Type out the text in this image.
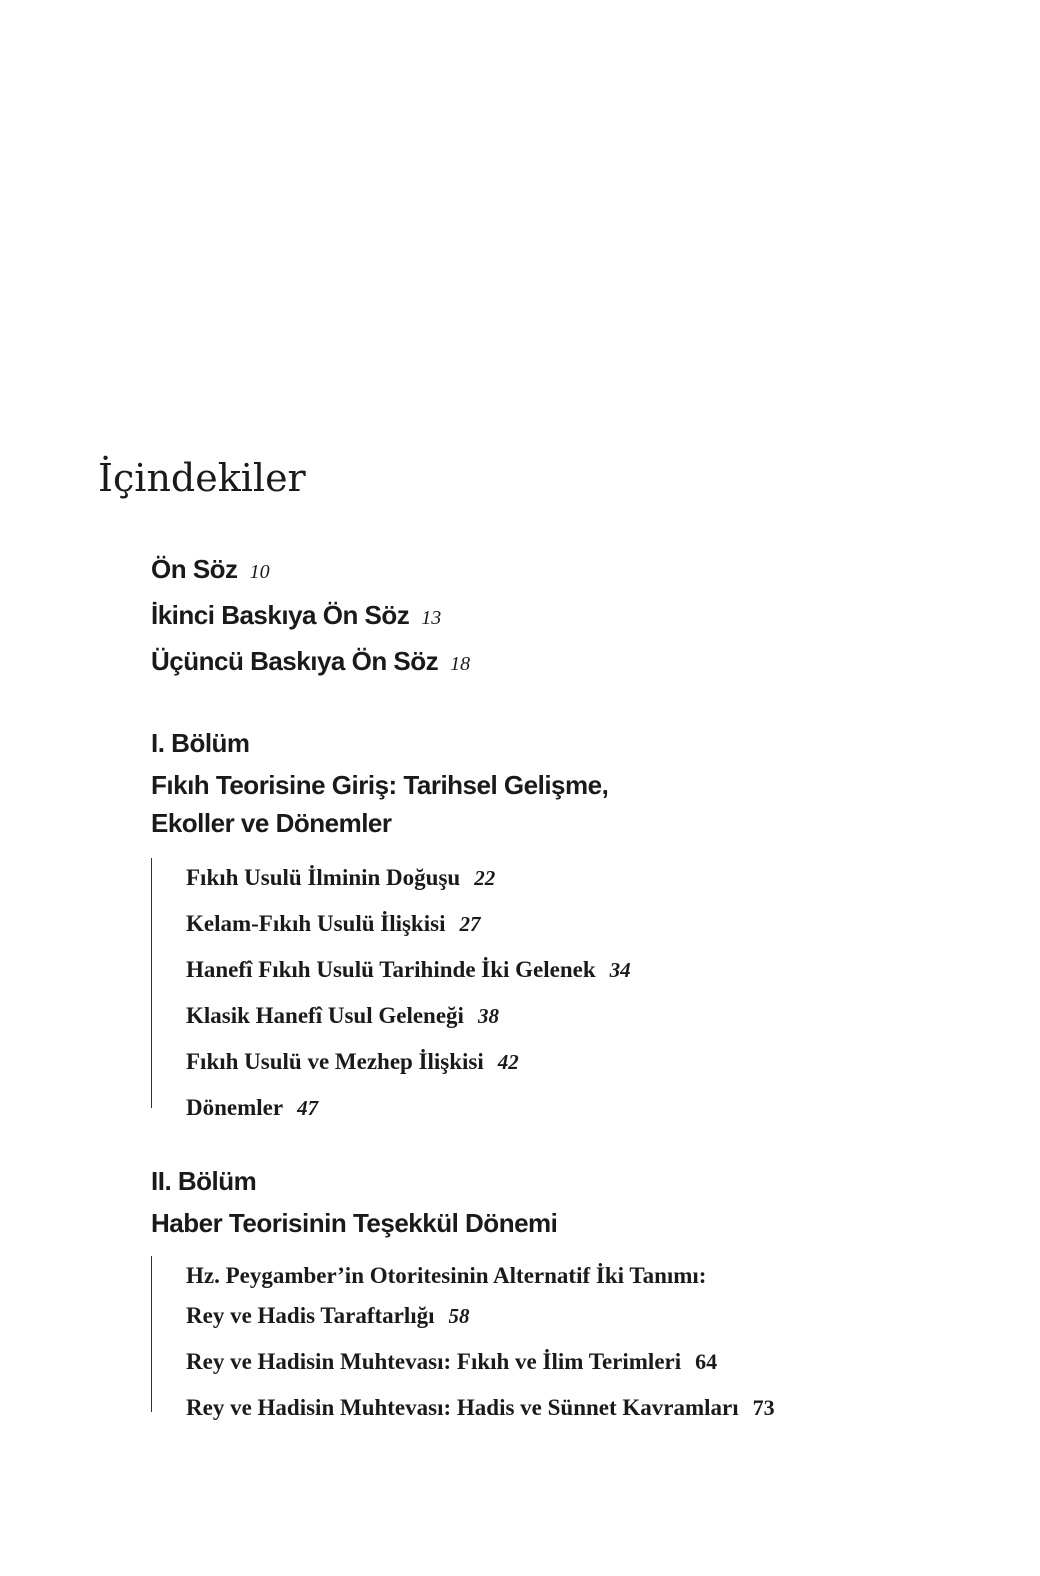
İçindekiler
Ön Söz 10
İkinci Baskıya Ön Söz 13
Üçüncü Baskıya Ön Söz 18
I. Bölüm
Fıkıh Teorisine Giriş: Tarihsel Gelişme,
Ekoller ve Dönemler
Fıkıh Usulü İlminin Doğuşu 22
Kelam-Fıkıh Usulü İlişkisi 27
Hanefî Fıkıh Usulü Tarihinde İki Gelenek 34
Klasik Hanefî Usul Geleneği 38
Fıkıh Usulü ve Mezhep İlişkisi 42
Dönemler 47
II. Bölüm
Haber Teorisinin Teşekkül Dönemi
Hz. Peygamber’in Otoritesinin Alternatif İki Tanımı:
Rey ve Hadis Taraftarlığı 58
Rey ve Hadisin Muhtevası: Fıkıh ve İlim Terimleri 64
Rey ve Hadisin Muhtevası: Hadis ve Sünnet Kavramları 73
